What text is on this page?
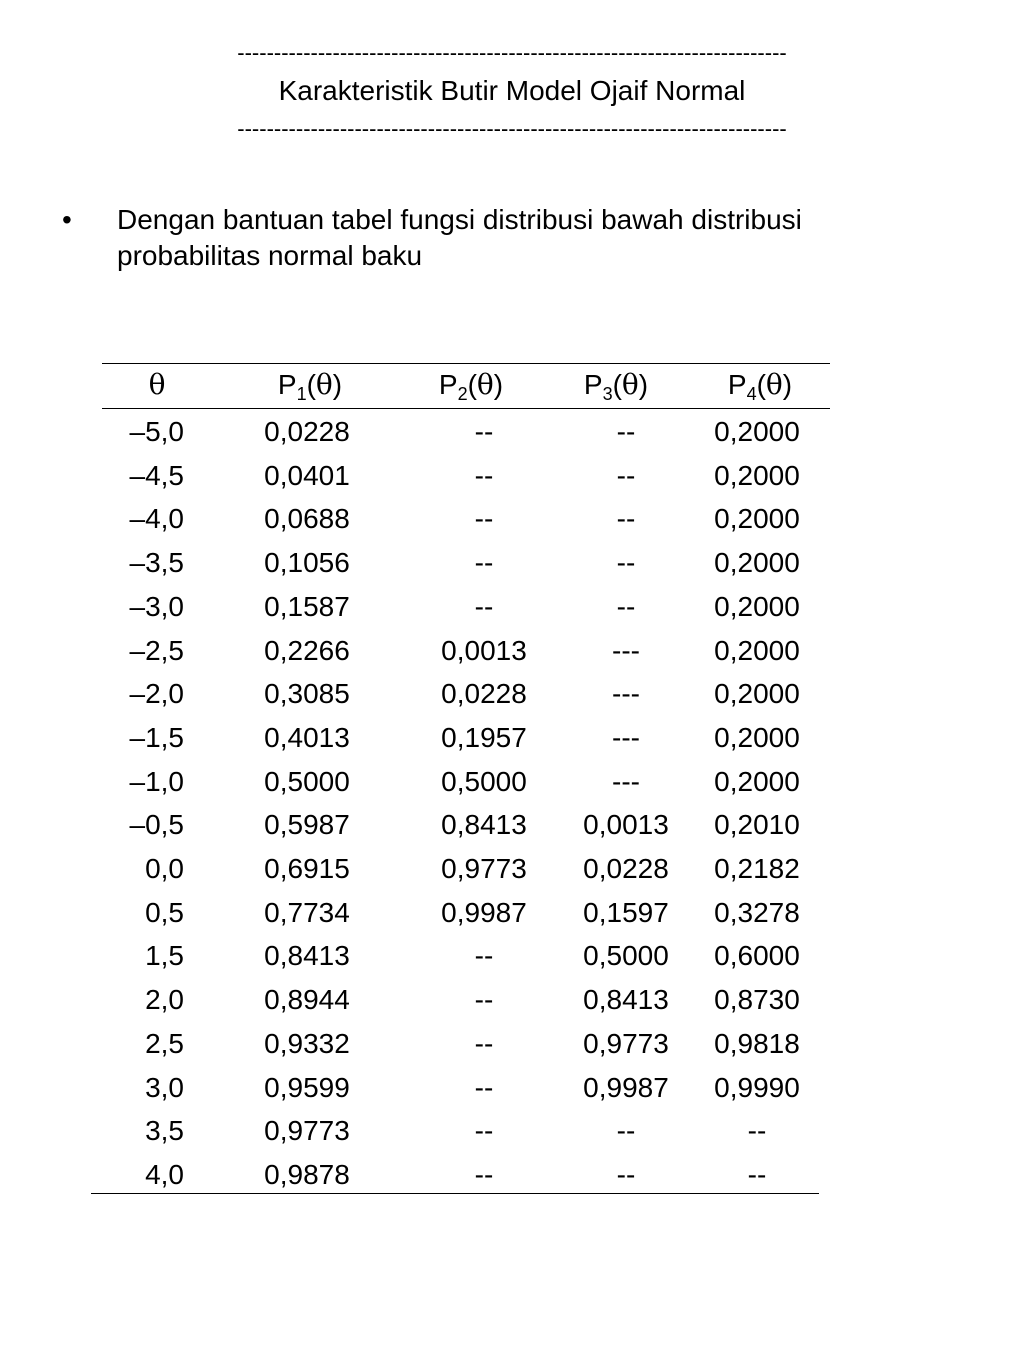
---------------------------------------------------------------------------
Karakteristik Butir Model Ojaif Normal
---------------------------------------------------------------------------
• Dengan bantuan tabel fungsi distribusi bawah distribusi
probabilitas normal baku
θ	$P_1(\theta)$	$P_2(\theta)$	$P_3(\theta)$	$P_4(\theta)$
–5,0	0,0228	--	--	0,2000
–4,5	0,0401	--	--	0,2000
–4,0	0,0688	--	--	0,2000
–3,5	0,1056	--	--	0,2000
–3,0	0,1587	--	--	0,2000
–2,5	0,2266	0,0013	---	0,2000
–2,0	0,3085	0,0228	---	0,2000
–1,5	0,4013	0,1957	---	0,2000
–1,0	0,5000	0,5000	---	0,2000
–0,5	0,5987	0,8413 0,0013 0,2010
0,0	0,6915	0,9773 0,0228 0,2182
0,5	0,7734	0,9987 0,1597 0,3278
1,5	0,8413	--	0,5000 0,6000
2,0	0,8944	--	0,8413 0,8730
2,5	0,9332	--	0,9773 0,9818
3,0	0,9599	--	0,9987 0,9990
3,5	0,9773	--	--	--
4,0	0,9878	--	--	--
